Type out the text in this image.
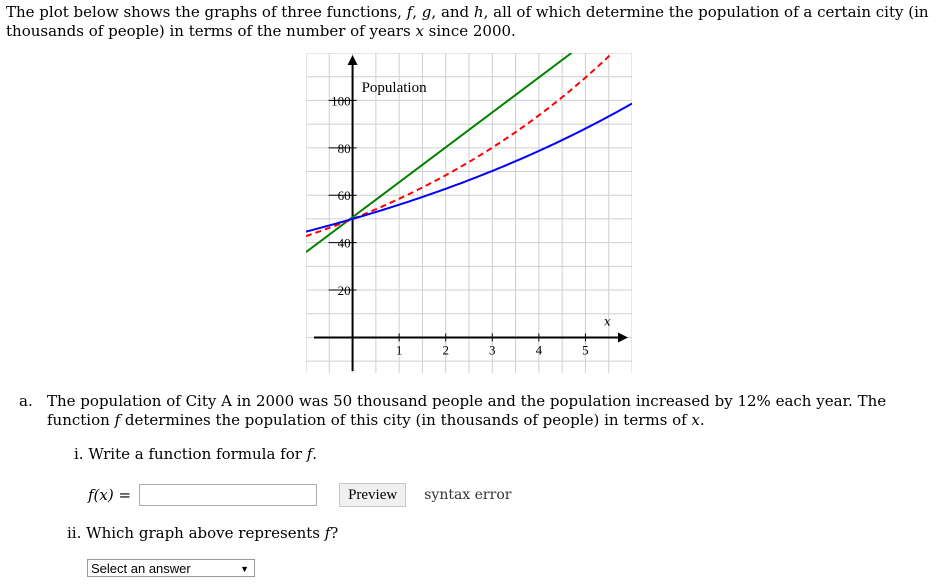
The plot below shows the graphs of three functions, f, g, and h, all of which determine the population of a certain city (in thousands of people) in terms of the number of years x since 2000.
20
40
60
80
100
1	2	3	4	5
Population
x
a. The population of City A in 2000 was 50 thousand people and the population increased by 12% each year. The function f determines the population of this city (in thousands of people) in terms of x.
i. Write a function formula for f.
f(x) =	Preview	syntax error
ii. Which graph above represents f?
Select an answer	▼
